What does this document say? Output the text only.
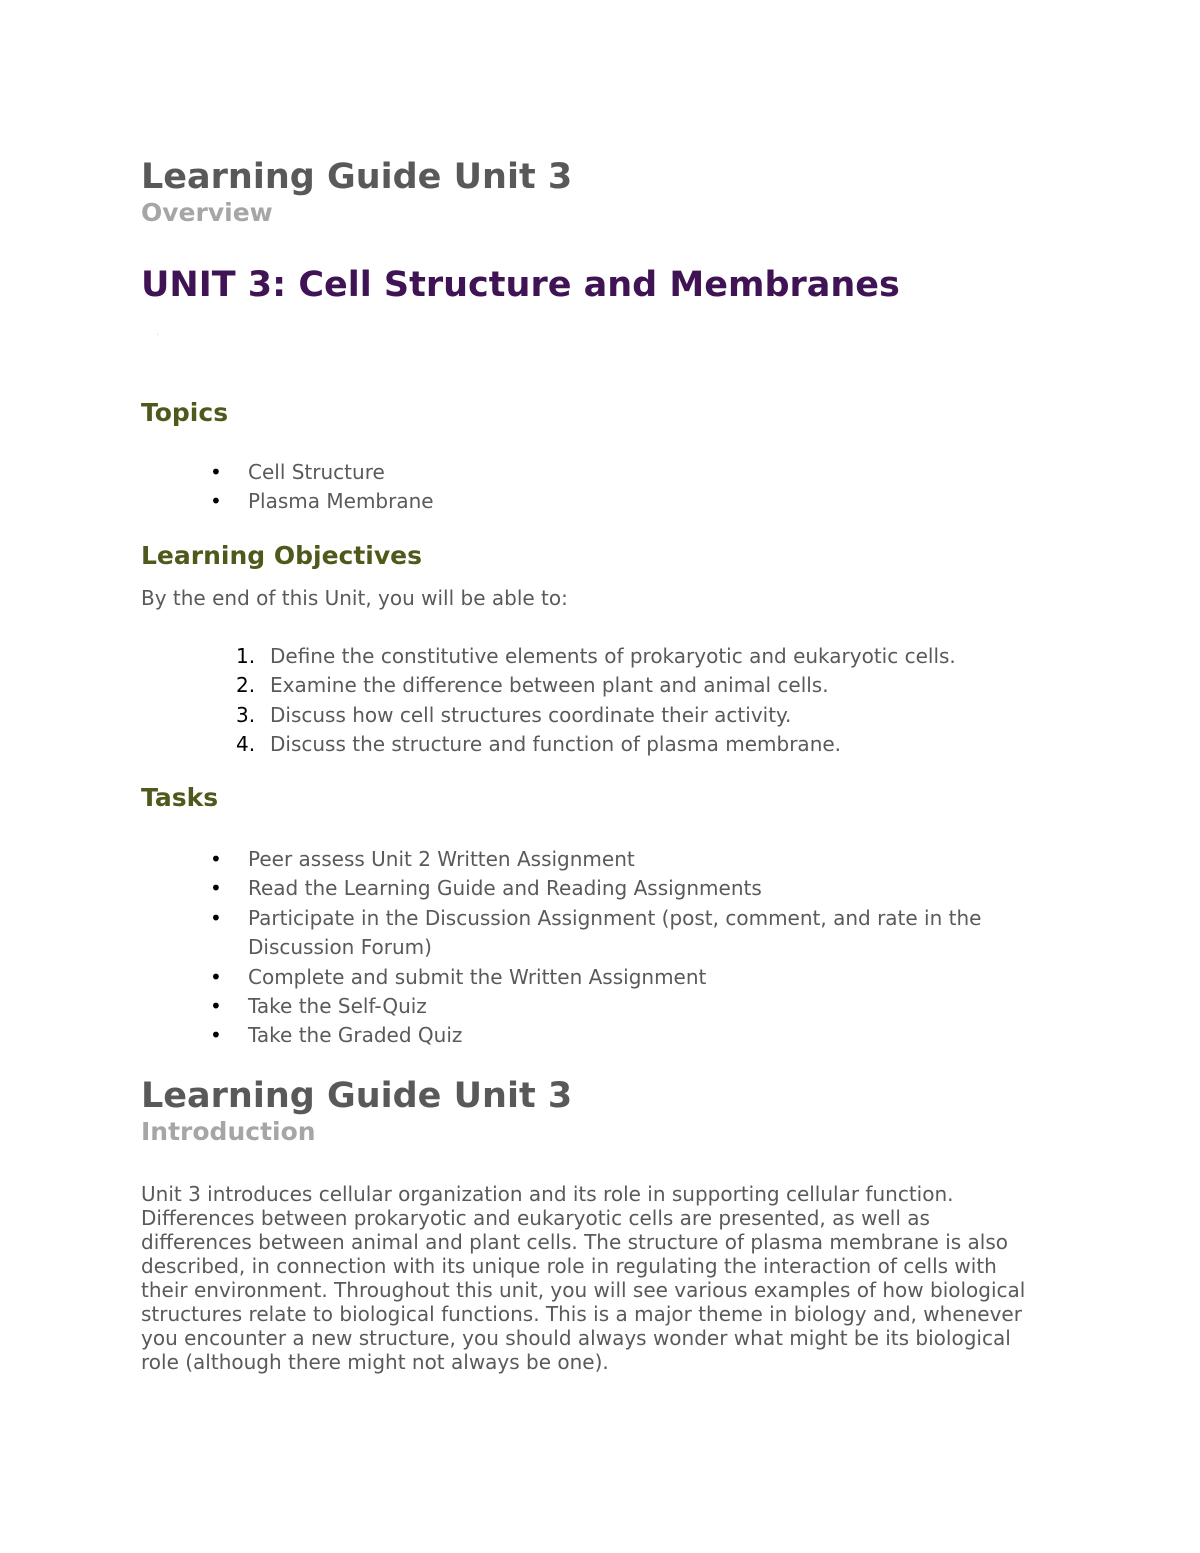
Learning Guide Unit 3
Overview
UNIT 3: Cell Structure and Membranes
'
Topics
• Cell Structure
• Plasma Membrane
Learning Objectives

By the end of this Unit, you will be able to:

1. Define the constitutive elements of prokaryotic and eukaryotic cells.
2. Examine the difference between plant and animal cells.
3. Discuss how cell structures coordinate their activity.
4. Discuss the structure and function of plasma membrane.
Tasks
• Peer assess Unit 2 Written Assignment
• Read the Learning Guide and Reading Assignments
• Participate in the Discussion Assignment (post, comment, and rate in the
Discussion Forum)
• Complete and submit the Written Assignment
• Take the Self-Quiz
• Take the Graded Quiz
Learning Guide Unit 3
Introduction

Unit 3 introduces cellular organization and its role in supporting cellular function.
Differences between prokaryotic and eukaryotic cells are presented, as well as
differences between animal and plant cells. The structure of plasma membrane is also
described, in connection with its unique role in regulating the interaction of cells with
their environment. Throughout this unit, you will see various examples of how biological
structures relate to biological functions. This is a major theme in biology and, whenever
you encounter a new structure, you should always wonder what might be its biological
role (although there might not always be one).
